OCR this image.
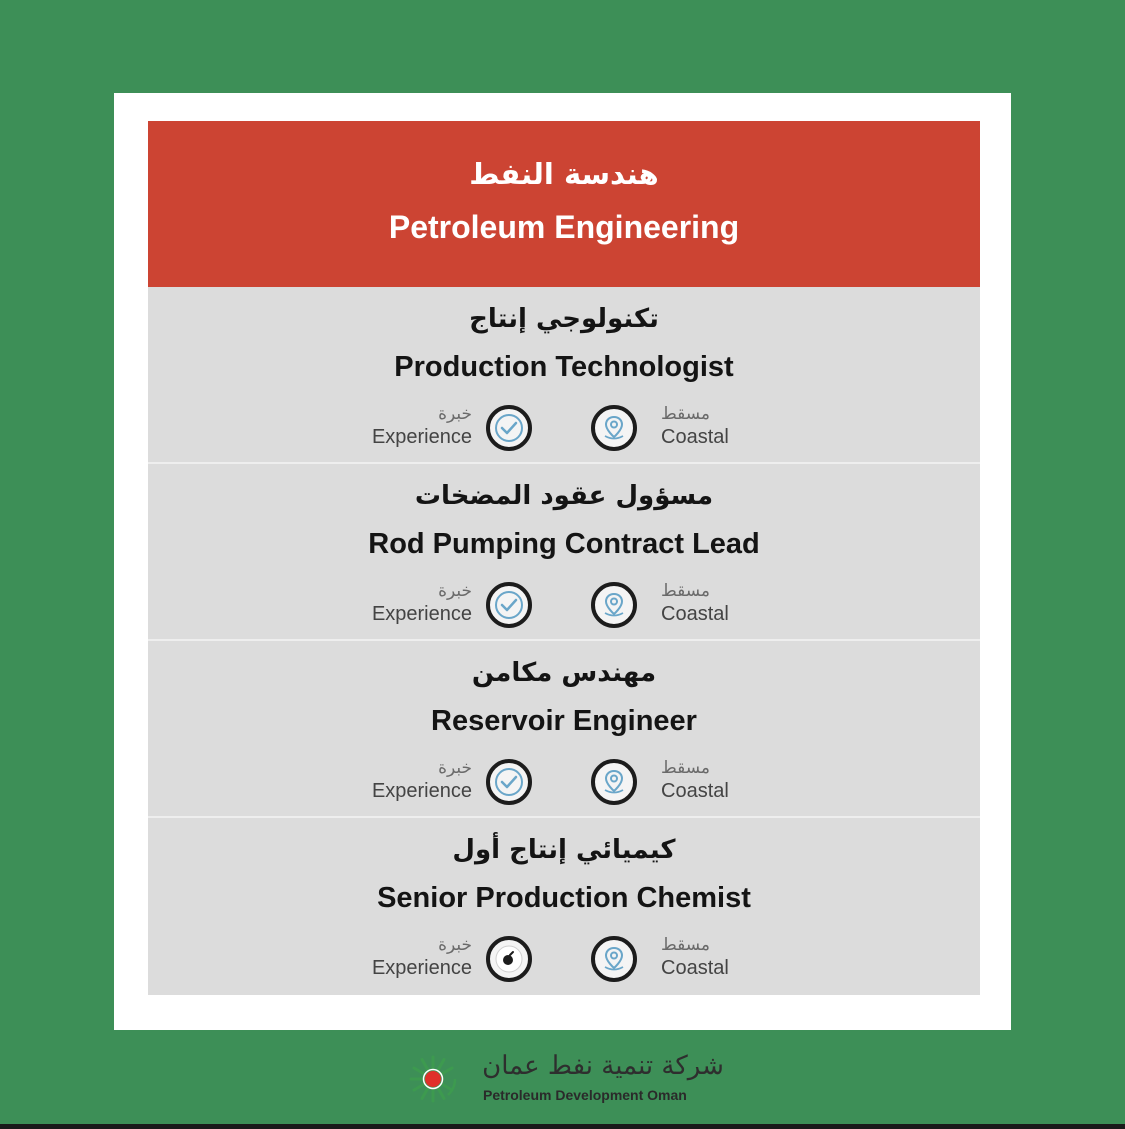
هندسة النفط
Petroleum Engineering
تكنولوجي إنتاج
Production Technologist
خبرة
Experience
مسقط
Coastal
مسؤول عقود المضخات
Rod Pumping Contract Lead
خبرة
Experience
مسقط
Coastal
مهندس مكامن
Reservoir Engineer
خبرة
Experience
مسقط
Coastal
كيميائي إنتاج أول
Senior Production Chemist
خبرة
Experience
مسقط
Coastal
شركة تنمية نفط عمان
Petroleum Development Oman
